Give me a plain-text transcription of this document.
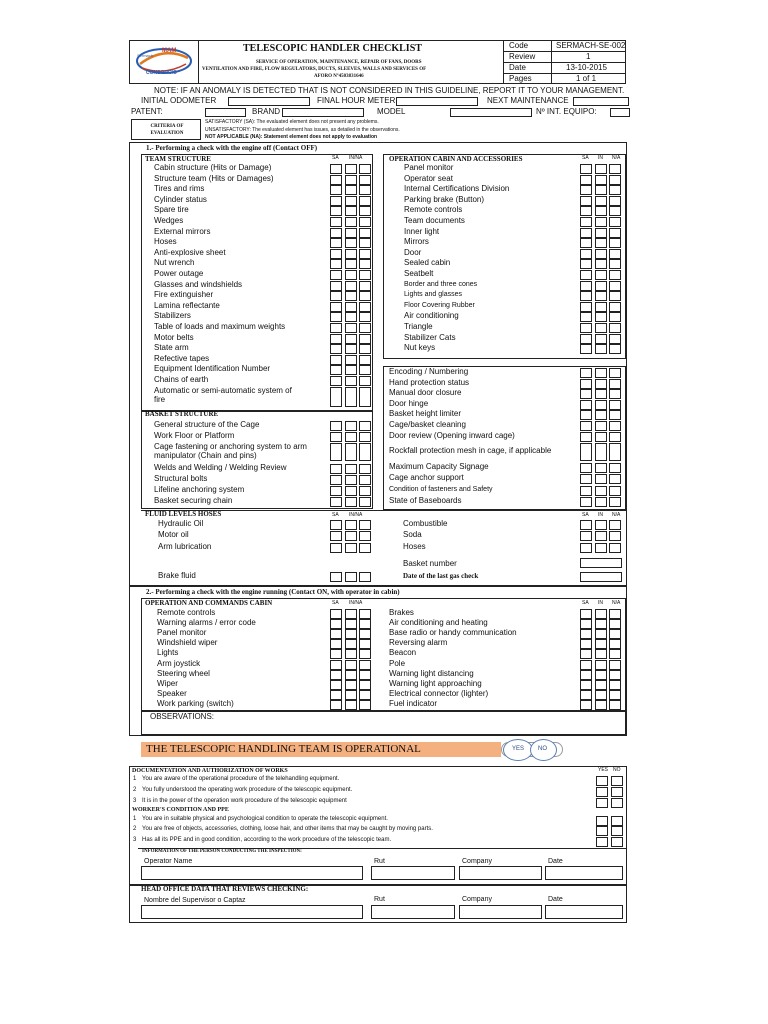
MAM
Sermach
CONSORCIO
TELESCOPIC HANDLER CHECKLIST
SERVICE OF OPERATION, MAINTENANCE, REPAIR OF FANS, DOORS
VENTILATION AND FIRE, FLOW REGULATORS, DUCTS, SLEEVES, WALLS AND SERVICES OF
AFORO Nº4503831646
Code	SERMACH-SE-002
Review	1
Date	13-10-2015
Pages	1 of 1
NOTE: IF AN ANOMALY IS DETECTED THAT IS NOT CONSIDERED IN THIS GUIDELINE, REPORT IT TO YOUR MANAGEMENT.
INITIAL ODOMETER	FINAL HOUR METER	NEXT MAINTENANCE
PATENT:	BRAND	MODEL	Nº INT. EQUIPO:
CRITERIA OF EVALUATION
SATISFACTORY (SA): The evaluated element does not present any problems.
UNSATISFACTORY: The evaluated element has issues, as detailed in the observations.
NOT APPLICABLE (NA): Statement element does not apply to evaluation
1.- Performing a check with the engine off (Contact OFF)
TEAM STRUCTURE	SA IN/NA
Cabin structure (Hits or Damage)
Structure team (Hits or Damages)
Tires and rims
Cylinder status
Spare tire
Wedges
External mirrors
Hoses
Anti-explosive sheet
Nut wrench
Power outage
Glasses and windshields
Fire extinguisher
Lamina reflectante
Stabilizers
Table of loads and maximum weights
Motor belts
State arm
Refective tapes
Equipment Identification Number
Chains of earth
Automatic or semi-automatic system of
fire
OPERATION CABIN AND ACCESSORIES	SA IN N/A
Panel monitor
Operator seat
Internal Certifications Division
Parking brake (Button)
Remote controls
Team documents
Inner light
Mirrors
Door
Sealed cabin
Seatbelt
Border and three cones
Lights and glasses
Floor Covering Rubber
Air conditioning
Triangle
Stabilizer Cats
Nut keys
Encoding / Numbering
Hand protection status
Manual door closure
Door hinge
Basket height limiter
Cage/basket cleaning
Door review (Opening inward cage)
Rockfall protection mesh in cage, if applicable
Maximum Capacity Signage
Cage anchor support
Condition of fasteners and Safety
State of Baseboards
BASKET STRUCTURE
General structure of the Cage
Work Floor or Platform
Cage fastening or anchoring system to arm
manipulator (Chain and pins)
Welds and Welding / Welding Review
Structural bolts
Lifeline anchoring system
Basket securing chain
FLUID LEVELS HOSES	SA IN/NA	SA IN N/A
Hydraulic Oil
Motor oil
Arm lubrication
Brake fluid
Combustible
Soda
Hoses
Basket number
Date of the last gas check
2.- Performing a check with the engine running (Contact ON, with operator in cabin)
OPERATION AND COMMANDS CABIN	SA IN/NA	SA IN N/A
Remote controls
Warning alarms / error code
Panel monitor
Windshield wiper
Lights
Arm joystick
Steering wheel
Wiper
Speaker
Work parking (switch)
Brakes
Air conditioning and heating
Base radio or handy communication
Reversing alarm
Beacon
Pole
Warning light distancing
Warning light approaching
Electrical connector (lighter)
Fuel indicator
OBSERVATIONS:
THE TELESCOPIC HANDLING TEAM IS OPERATIONAL	YES NO
DOCUMENTATION AND AUTHORIZATION OF WORKS	YES NO
1 You are aware of the operational procedure of the telehandling equipment.
2 You fully understood the operating work procedure of the telescopic equipment.
3 It is in the power of the operation work procedure of the telescopic equipment
WORKER'S CONDITION AND PPE
1 You are in suitable physical and psychological condition to operate the telescopic equipment.
2 You are free of objects, accessories, clothing, loose hair, and other items that may be caught by moving parts.
3 Has all its PPE and in good condition, according to the work procedure of the telescopic team.
INFORMATION OF THE PERSON CONDUCTING THE INSPECTION:
Operator Name	Rut	Company	Date
HEAD OFFICE DATA THAT REVIEWS CHECKING:
Nombre del Supervisor o Captaz	Rut	Company	Date
